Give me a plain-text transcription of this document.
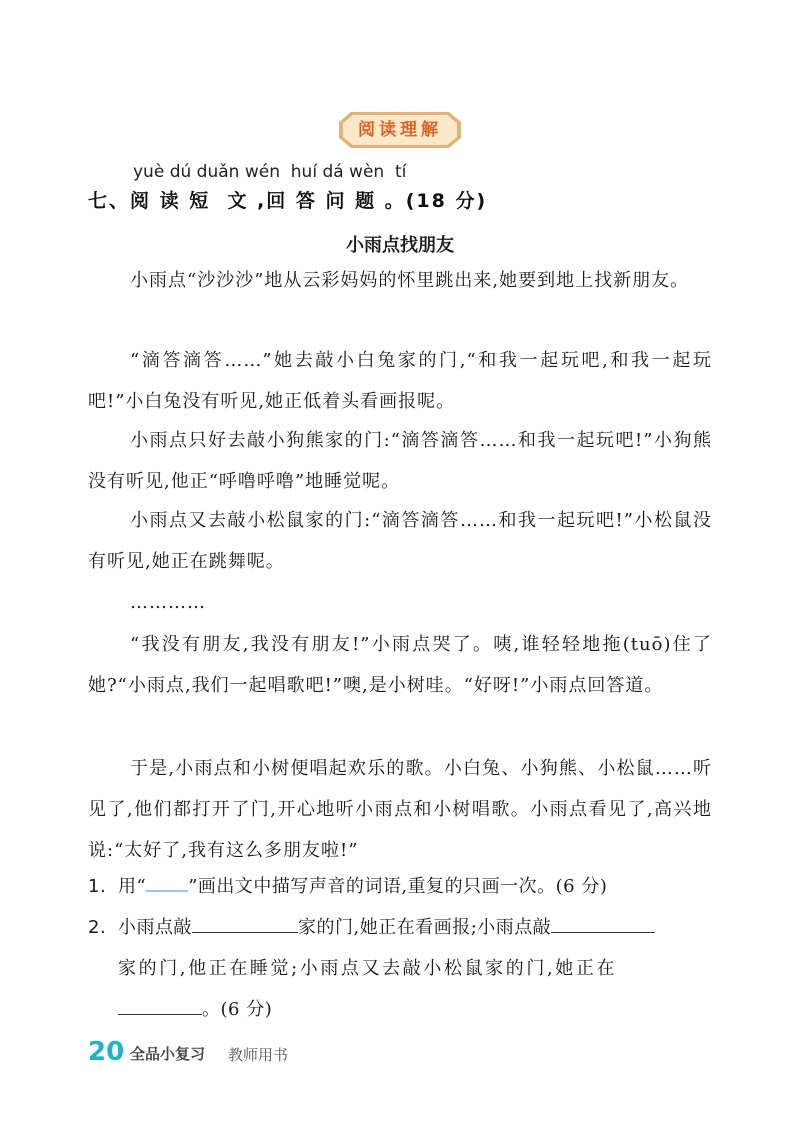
阅读理解
yuè dú duǎn wén  huí dá wèn  tí
七、阅 读 短  文 ,回 答 问 题 。(18 分)
小雨点找朋友
小雨点“沙沙沙”地从云彩妈妈的怀里跳出来,她要到地上找新朋友。
“滴答滴答……”她去敲小白兔家的门,“和我一起玩吧,和我一起玩吧!”小白兔没有听见,她正低着头看画报呢。
小雨点只好去敲小狗熊家的门:“滴答滴答……和我一起玩吧!”小狗熊没有听见,他正“呼噜呼噜”地睡觉呢。
小雨点又去敲小松鼠家的门:“滴答滴答……和我一起玩吧!”小松鼠没有听见,她正在跳舞呢。
…………
“我没有朋友,我没有朋友!”小雨点哭了。咦,谁轻轻地拖(tuō)住了她?“小雨点,我们一起唱歌吧!”噢,是小树哇。“好呀!”小雨点回答道。
于是,小雨点和小树便唱起欢乐的歌。小白兔、小狗熊、小松鼠……听见了,他们都打开了门,开心地听小雨点和小树唱歌。小雨点看见了,高兴地说:“太好了,我有这么多朋友啦!”
1. 用“ ”画出文中描写声音的词语,重复的只画一次。(6 分)
2. 小雨点敲	家的门,她正在看画报;小雨点敲
家的门,他正在睡觉;小雨点又去敲小松鼠家的门,她正在
。(6 分)
20 全品小复习 教师用书
